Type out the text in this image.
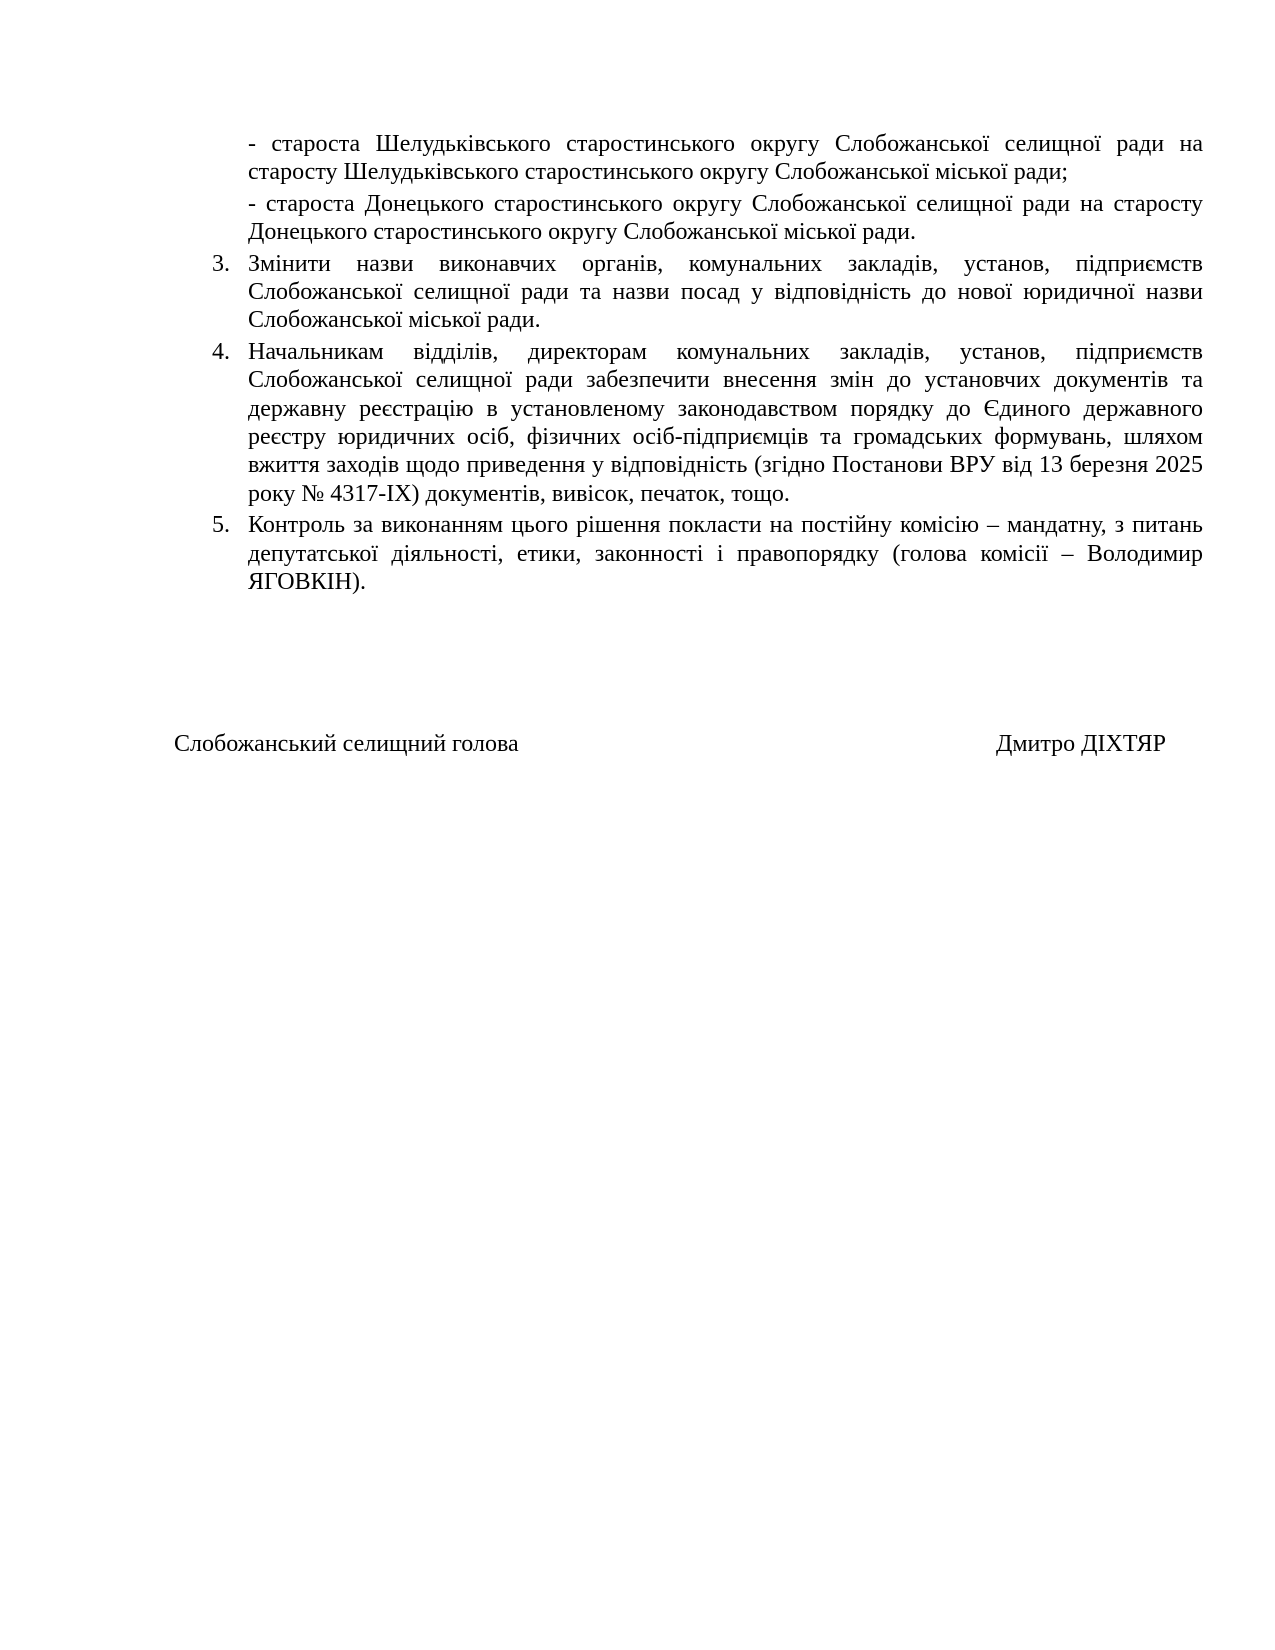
- староста Шелудьківського старостинського округу Слобожанської селищної ради на старосту Шелудьківського старостинського округу Слобожанської міської ради;

- староста Донецького старостинського округу Слобожанської селищної ради на старосту Донецького старостинського округу Слобожанської міської ради.

3. Змінити назви виконавчих органів, комунальних закладів, установ, підприємств Слобожанської селищної ради та назви посад у відповідність до нової юридичної назви Слобожанської міської ради.
4. Начальникам відділів, директорам комунальних закладів, установ, підприємств Слобожанської селищної ради забезпечити внесення змін до установчих документів та державну реєстрацію в установленому законодавством порядку до Єдиного державного реєстру юридичних осіб, фізичних осіб-підприємців та громадських формувань, шляхом вжиття заходів щодо приведення у відповідність (згідно Постанови ВРУ від 13 березня 2025 року № 4317-IX) документів, вивісок, печаток, тощо.
5. Контроль за виконанням цього рішення покласти на постійну комісію – мандатну, з питань депутатської діяльності, етики, законності і правопорядку (голова комісії – Володимир ЯГОВКІН).
Слобожанський селищний голова	Дмитро ДІХТЯР
